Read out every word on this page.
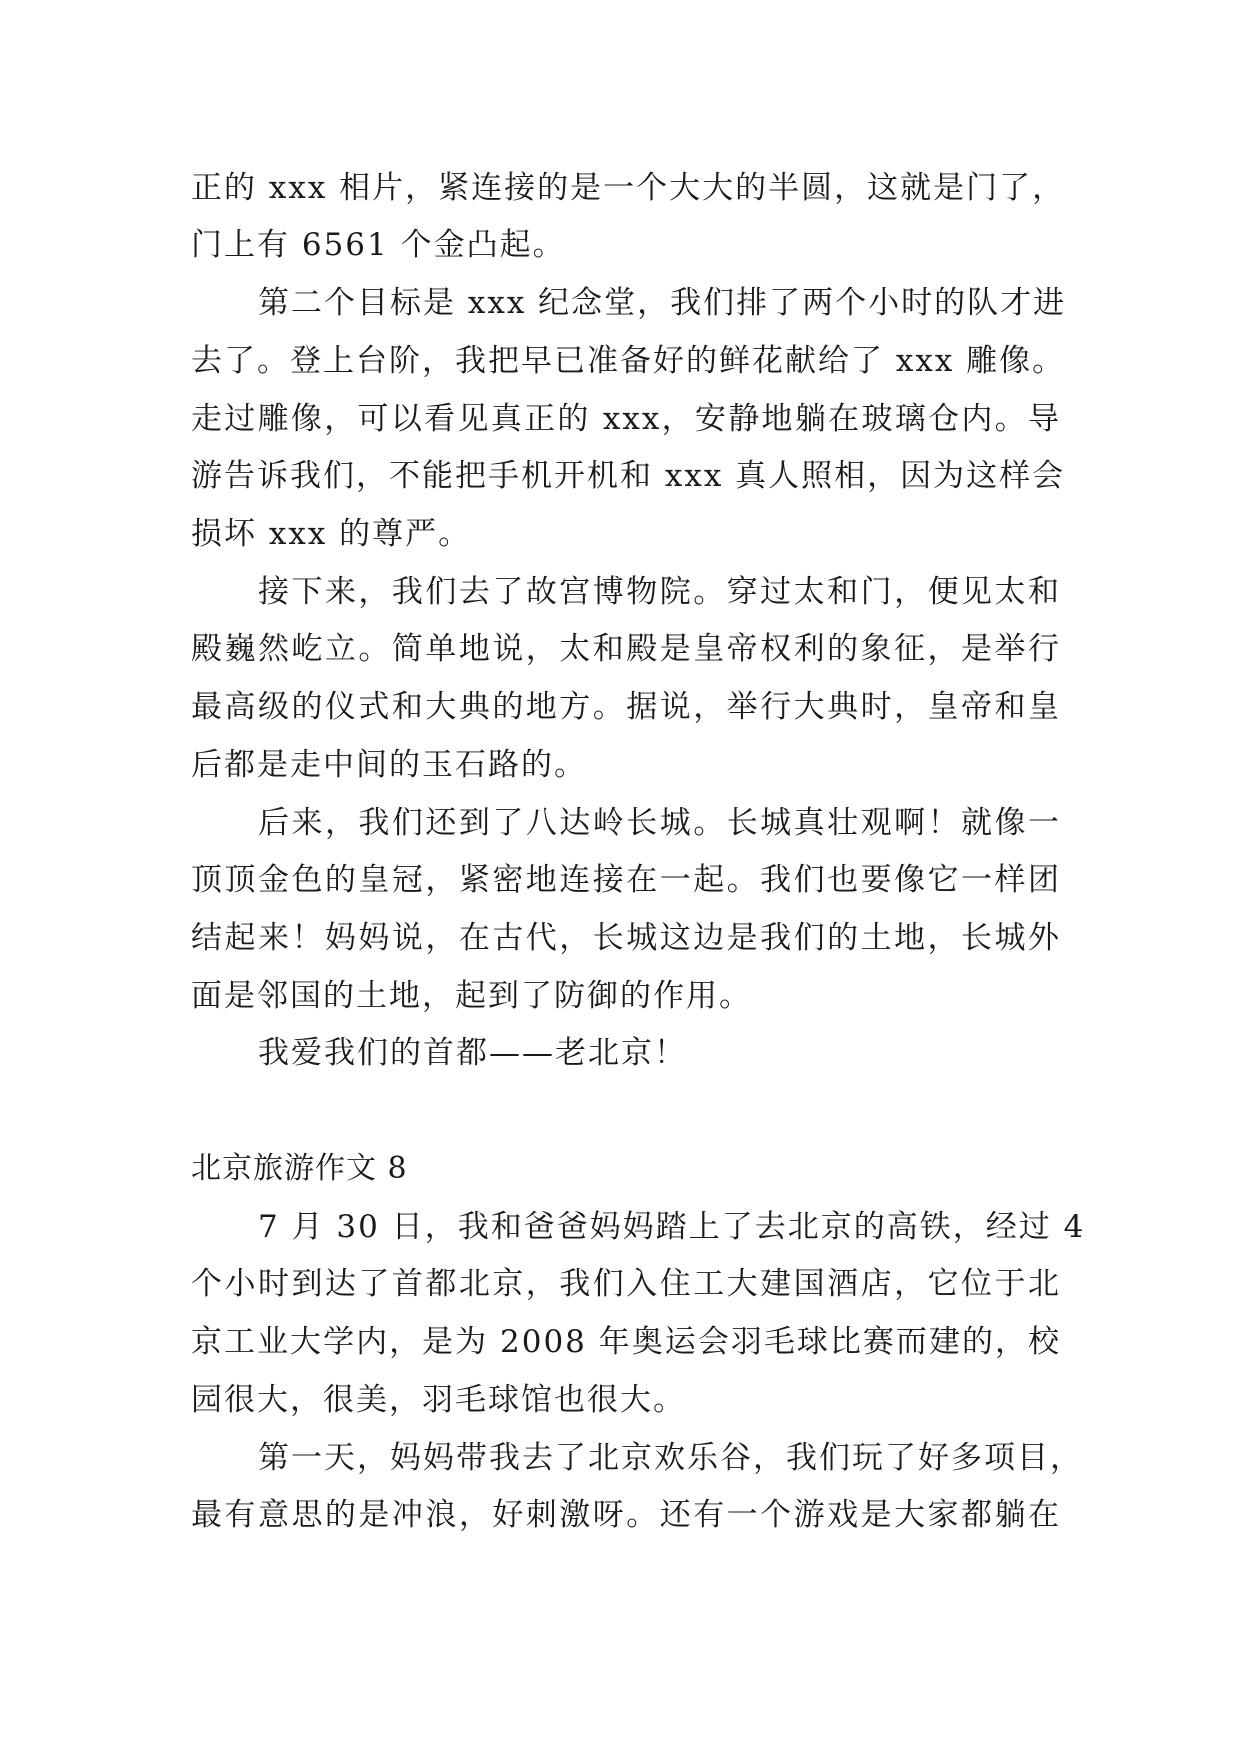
正的 xxx 相片，紧连接的是一个大大的半圆，这就是门了，
门上有 6561 个金凸起。
第二个目标是 xxx 纪念堂，我们排了两个小时的队才进
去了。登上台阶，我把早已准备好的鲜花献给了 xxx 雕像。
走过雕像，可以看见真正的 xxx，安静地躺在玻璃仓内。导
游告诉我们，不能把手机开机和 xxx 真人照相，因为这样会
损坏 xxx 的尊严。
接下来，我们去了故宫博物院。穿过太和门，便见太和
殿巍然屹立。简单地说，太和殿是皇帝权利的象征，是举行
最高级的仪式和大典的地方。据说，举行大典时，皇帝和皇
后都是走中间的玉石路的。
后来，我们还到了八达岭长城。长城真壮观啊！就像一
顶顶金色的皇冠，紧密地连接在一起。我们也要像它一样团
结起来！妈妈说，在古代，长城这边是我们的土地，长城外
面是邻国的土地，起到了防御的作用。
我爱我们的首都——老北京！
北京旅游作文 8
7 月 30 日，我和爸爸妈妈踏上了去北京的高铁，经过 4
个小时到达了首都北京，我们入住工大建国酒店，它位于北
京工业大学内，是为 2008 年奥运会羽毛球比赛而建的，校
园很大，很美，羽毛球馆也很大。
第一天，妈妈带我去了北京欢乐谷，我们玩了好多项目，
最有意思的是冲浪，好刺激呀。还有一个游戏是大家都躺在
